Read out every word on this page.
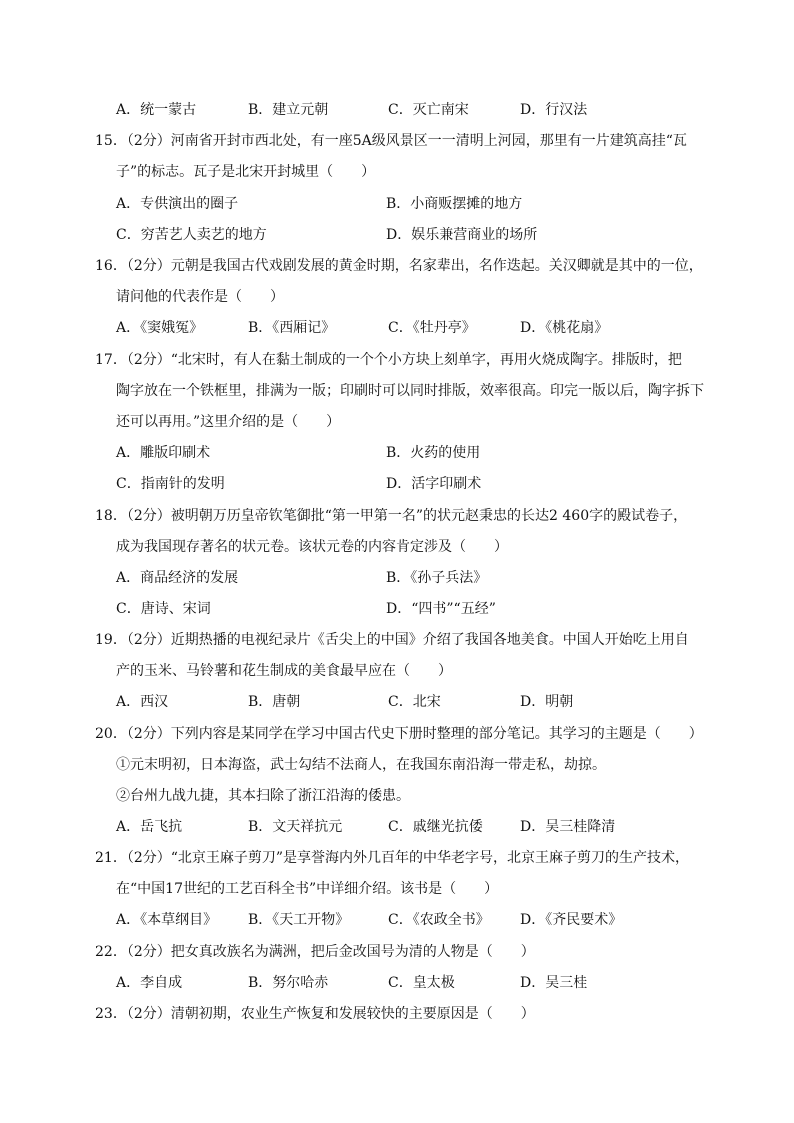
A．统一蒙古	B．建立元朝	C．灭亡南宋	D．行汉法
15．（2分）河南省开封市西北处，有一座5A级风景区一一清明上河园，那里有一片建筑高挂“瓦
子”的标志。瓦子是北宋开封城里（　　）
A．专供演出的圈子	B．小商贩摆摊的地方
C．穷苦艺人卖艺的地方	D．娱乐兼营商业的场所
16．（2分）元朝是我国古代戏剧发展的黄金时期，名家辈出，名作迭起。关汉卿就是其中的一位，
请问他的代表作是（　　）
A．《窦娥冤》	B．《西厢记》	C．《牡丹亭》	D．《桃花扇》
17．（2分）“北宋时，有人在黏土制成的一个个小方块上刻单字，再用火烧成陶字。排版时，把
陶字放在一个铁框里，排满为一版；印刷时可以同时排版，效率很高。印完一版以后，陶字拆下
还可以再用。”这里介绍的是（　　）
A．雕版印刷术	B．火药的使用
C．指南针的发明	D．活字印刷术
18．（2分）被明朝万历皇帝钦笔御批“第一甲第一名”的状元赵秉忠的长达2 460字的殿试卷子，
成为我国现存著名的状元卷。该状元卷的内容肯定涉及（　　）
A．商品经济的发展	B．《孙子兵法》
C．唐诗、宋词	D．“四书”“五经”
19．（2分）近期热播的电视纪录片《舌尖上的中国》介绍了我国各地美食。中国人开始吃上用自
产的玉米、马铃薯和花生制成的美食最早应在（　　）
A．西汉	B．唐朝	C．北宋	D．明朝
20．（2分）下列内容是某同学在学习中国古代史下册时整理的部分笔记。其学习的主题是（　　）
①元末明初，日本海盗，武士勾结不法商人，在我国东南沿海一带走私，劫掠。
②台州九战九捷，其本扫除了浙江沿海的倭患。
A．岳飞抗	B．文天祥抗元	C．戚继光抗倭	D．吴三桂降清
21．（2分）“北京王麻子剪刀”是享誉海内外几百年的中华老字号，北京王麻子剪刀的生产技术，
在“中国17世纪的工艺百科全书”中详细介绍。该书是（　　）
A．《本草纲目》 B．《天工开物》	C．《农政全书》 D．《齐民要术》
22．（2分）把女真改族名为满洲，把后金改国号为清的人物是（　　）
A．李自成	B．努尔哈赤	C．皇太极	D．吴三桂
23．（2分）清朝初期，农业生产恢复和发展较快的主要原因是（　　）
